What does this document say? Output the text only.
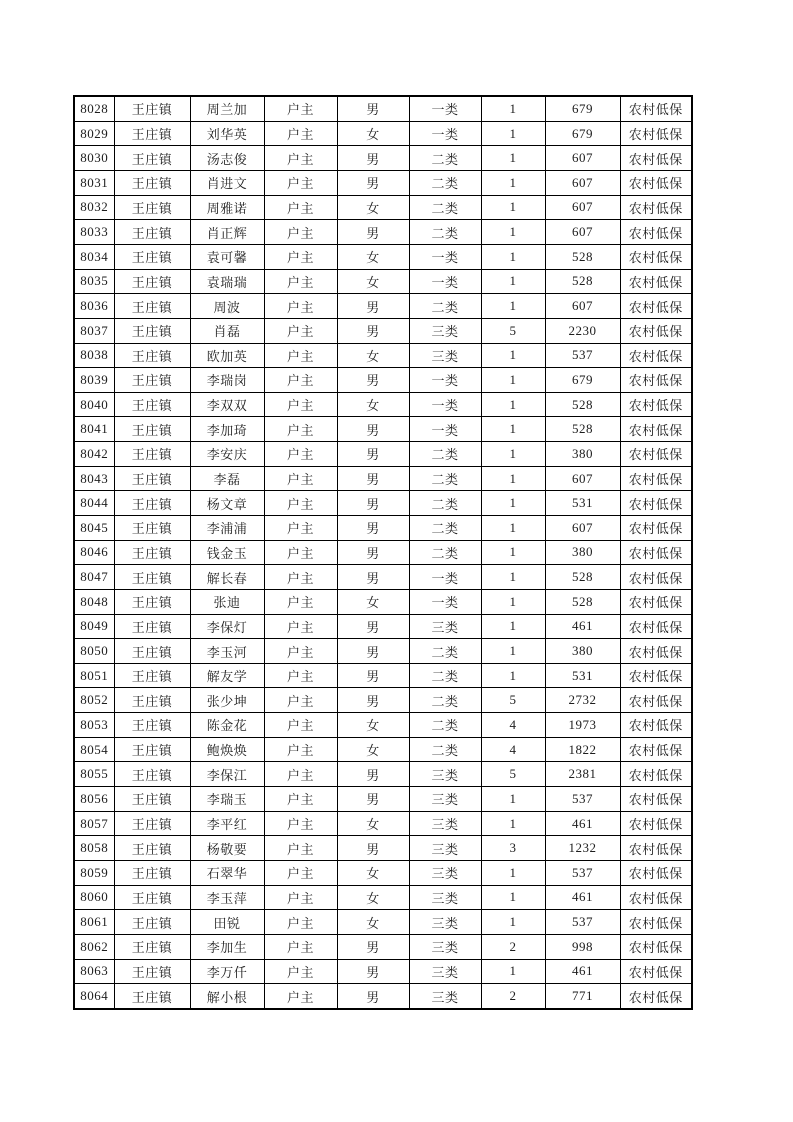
8028	王庄镇	周兰加	户主	男	一类	1	679	农村低保
8029	王庄镇	刘华英	户主	女	一类	1	679	农村低保
8030	王庄镇	汤志俊	户主	男	二类	1	607	农村低保
8031	王庄镇	肖进文	户主	男	二类	1	607	农村低保
8032	王庄镇	周雅诺	户主	女	二类	1	607	农村低保
8033	王庄镇	肖正辉	户主	男	二类	1	607	农村低保
8034	王庄镇	袁可馨	户主	女	一类	1	528	农村低保
8035	王庄镇	袁瑞瑞	户主	女	一类	1	528	农村低保
8036	王庄镇	周波	户主	男	二类	1	607	农村低保
8037	王庄镇	肖磊	户主	男	三类	5	2230	农村低保
8038	王庄镇	欧加英	户主	女	三类	1	537	农村低保
8039	王庄镇	李瑞岗	户主	男	一类	1	679	农村低保
8040	王庄镇	李双双	户主	女	一类	1	528	农村低保
8041	王庄镇	李加琦	户主	男	一类	1	528	农村低保
8042	王庄镇	李安庆	户主	男	二类	1	380	农村低保
8043	王庄镇	李磊	户主	男	二类	1	607	农村低保
8044	王庄镇	杨文章	户主	男	二类	1	531	农村低保
8045	王庄镇	李浦浦	户主	男	二类	1	607	农村低保
8046	王庄镇	钱金玉	户主	男	二类	1	380	农村低保
8047	王庄镇	解长春	户主	男	一类	1	528	农村低保
8048	王庄镇	张迪	户主	女	一类	1	528	农村低保
8049	王庄镇	李保灯	户主	男	三类	1	461	农村低保
8050	王庄镇	李玉河	户主	男	二类	1	380	农村低保
8051	王庄镇	解友学	户主	男	二类	1	531	农村低保
8052	王庄镇	张少坤	户主	男	二类	5	2732	农村低保
8053	王庄镇	陈金花	户主	女	二类	4	1973	农村低保
8054	王庄镇	鲍焕焕	户主	女	二类	4	1822	农村低保
8055	王庄镇	李保江	户主	男	三类	5	2381	农村低保
8056	王庄镇	李瑞玉	户主	男	三类	1	537	农村低保
8057	王庄镇	李平红	户主	女	三类	1	461	农村低保
8058	王庄镇	杨敬要	户主	男	三类	3	1232	农村低保
8059	王庄镇	石翠华	户主	女	三类	1	537	农村低保
8060	王庄镇	李玉萍	户主	女	三类	1	461	农村低保
8061	王庄镇	田锐	户主	女	三类	1	537	农村低保
8062	王庄镇	李加生	户主	男	三类	2	998	农村低保
8063	王庄镇	李万仟	户主	男	三类	1	461	农村低保
8064	王庄镇	解小根	户主	男	三类	2	771	农村低保
